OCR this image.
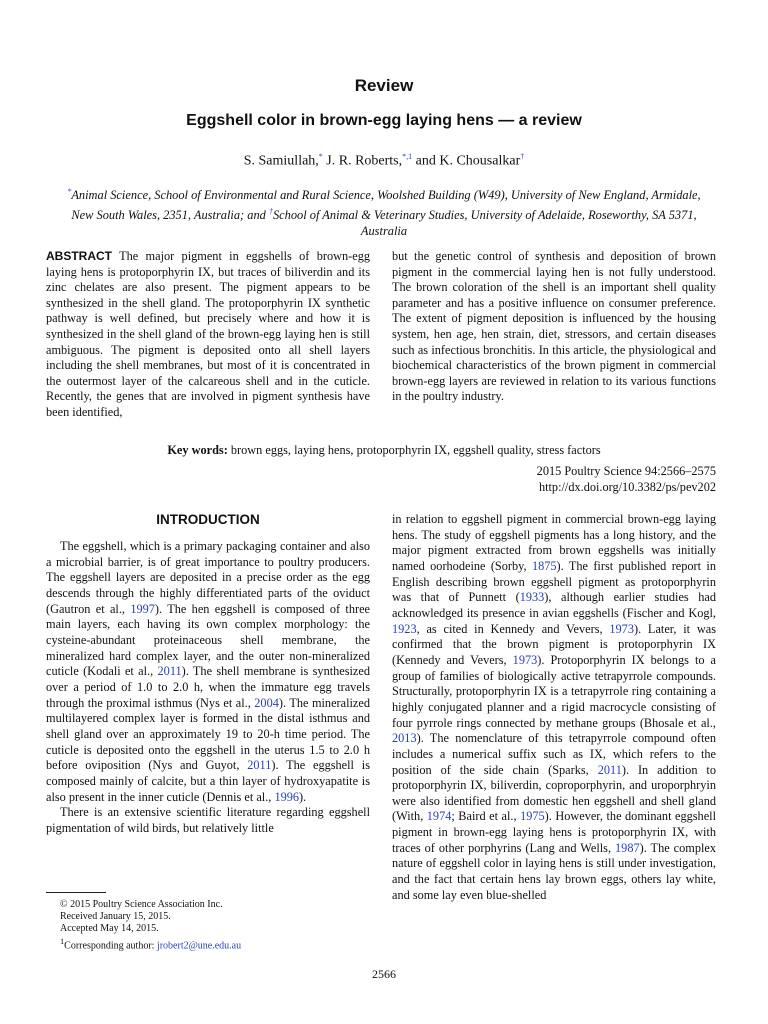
Review
Eggshell color in brown-egg laying hens — a review
S. Samiullah,* J. R. Roberts,$^{*,1}$ and K. Chousalkar†
*Animal Science, School of Environmental and Rural Science, Woolshed Building (W49), University of New England, Armidale, New South Wales, 2351, Australia; and †School of Animal & Veterinary Studies, University of Adelaide, Roseworthy, SA 5371, Australia
ABSTRACT The major pigment in eggshells of brown-egg laying hens is protoporphyrin IX, but traces of biliverdin and its zinc chelates are also present. The pigment appears to be synthesized in the shell gland. The protoporphyrin IX synthetic pathway is well defined, but precisely where and how it is synthesized in the shell gland of the brown-egg laying hen is still ambiguous. The pigment is deposited onto all shell layers including the shell membranes, but most of it is concentrated in the outermost layer of the calcareous shell and in the cuticle. Recently, the genes that are involved in pigment synthesis have been identified,
but the genetic control of synthesis and deposition of brown pigment in the commercial laying hen is not fully understood. The brown coloration of the shell is an important shell quality parameter and has a positive influence on consumer preference. The extent of pigment deposition is influenced by the housing system, hen age, hen strain, diet, stressors, and certain diseases such as infectious bronchitis. In this article, the physiological and biochemical characteristics of the brown pigment in commercial brown-egg layers are reviewed in relation to its various functions in the poultry industry.
Key words: brown eggs, laying hens, protoporphyrin IX, eggshell quality, stress factors
2015 Poultry Science 94:2566–2575
http://dx.doi.org/10.3382/ps/pev202
INTRODUCTION

The eggshell, which is a primary packaging container and also a microbial barrier, is of great importance to poultry producers. The eggshell layers are deposited in a precise order as the egg descends through the highly differentiated parts of the oviduct (Gautron et al., 1997). The hen eggshell is composed of three main layers, each having its own complex morphology: the cysteine-abundant proteinaceous shell membrane, the mineralized hard complex layer, and the outer non-mineralized cuticle (Kodali et al., 2011). The shell membrane is synthesized over a period of 1.0 to 2.0 h, when the immature egg travels through the proximal isthmus (Nys et al., 2004). The mineralized multilayered complex layer is formed in the distal isthmus and shell gland over an approximately 19 to 20-h time period. The cuticle is deposited onto the eggshell in the uterus 1.5 to 2.0 h before oviposition (Nys and Guyot, 2011). The eggshell is composed mainly of calcite, but a thin layer of hydroxyapatite is also present in the inner cuticle (Dennis et al., 1996).

There is an extensive scientific literature regarding eggshell pigmentation of wild birds, but relatively little

in relation to eggshell pigment in commercial brown-egg laying hens. The study of eggshell pigments has a long history, and the major pigment extracted from brown eggshells was initially named oorhodeine (Sorby, 1875). The first published report in English describing brown eggshell pigment as protoporphyrin was that of Punnett (1933), although earlier studies had acknowledged its presence in avian eggshells (Fischer and Kogl, 1923, as cited in Kennedy and Vevers, 1973). Later, it was confirmed that the brown pigment is protoporphyrin IX (Kennedy and Vevers, 1973). Protoporphyrin IX belongs to a group of families of biologically active tetrapyrrole compounds. Structurally, protoporphyrin IX is a tetrapyrrole ring containing a highly conjugated planner and a rigid macrocycle consisting of four pyrrole rings connected by methane groups (Bhosale et al., 2013). The nomenclature of this tetrapyrrole compound often includes a numerical suffix such as IX, which refers to the position of the side chain (Sparks, 2011). In addition to protoporphyrin IX, biliverdin, coproporphyrin, and uroporphryin were also identified from domestic hen eggshell and shell gland (With, 1974; Baird et al., 1975). However, the dominant eggshell pigment in brown-egg laying hens is protoporphyrin IX, with traces of other porphyrins (Lang and Wells, 1987). The complex nature of eggshell color in laying hens is still under investigation, and the fact that certain hens lay brown eggs, others lay white, and some lay even blue-shelled

© 2015 Poultry Science Association Inc.
Received January 15, 2015.
Accepted May 14, 2015.
$^1$Corresponding author: jrobert2@une.edu.au
2566
